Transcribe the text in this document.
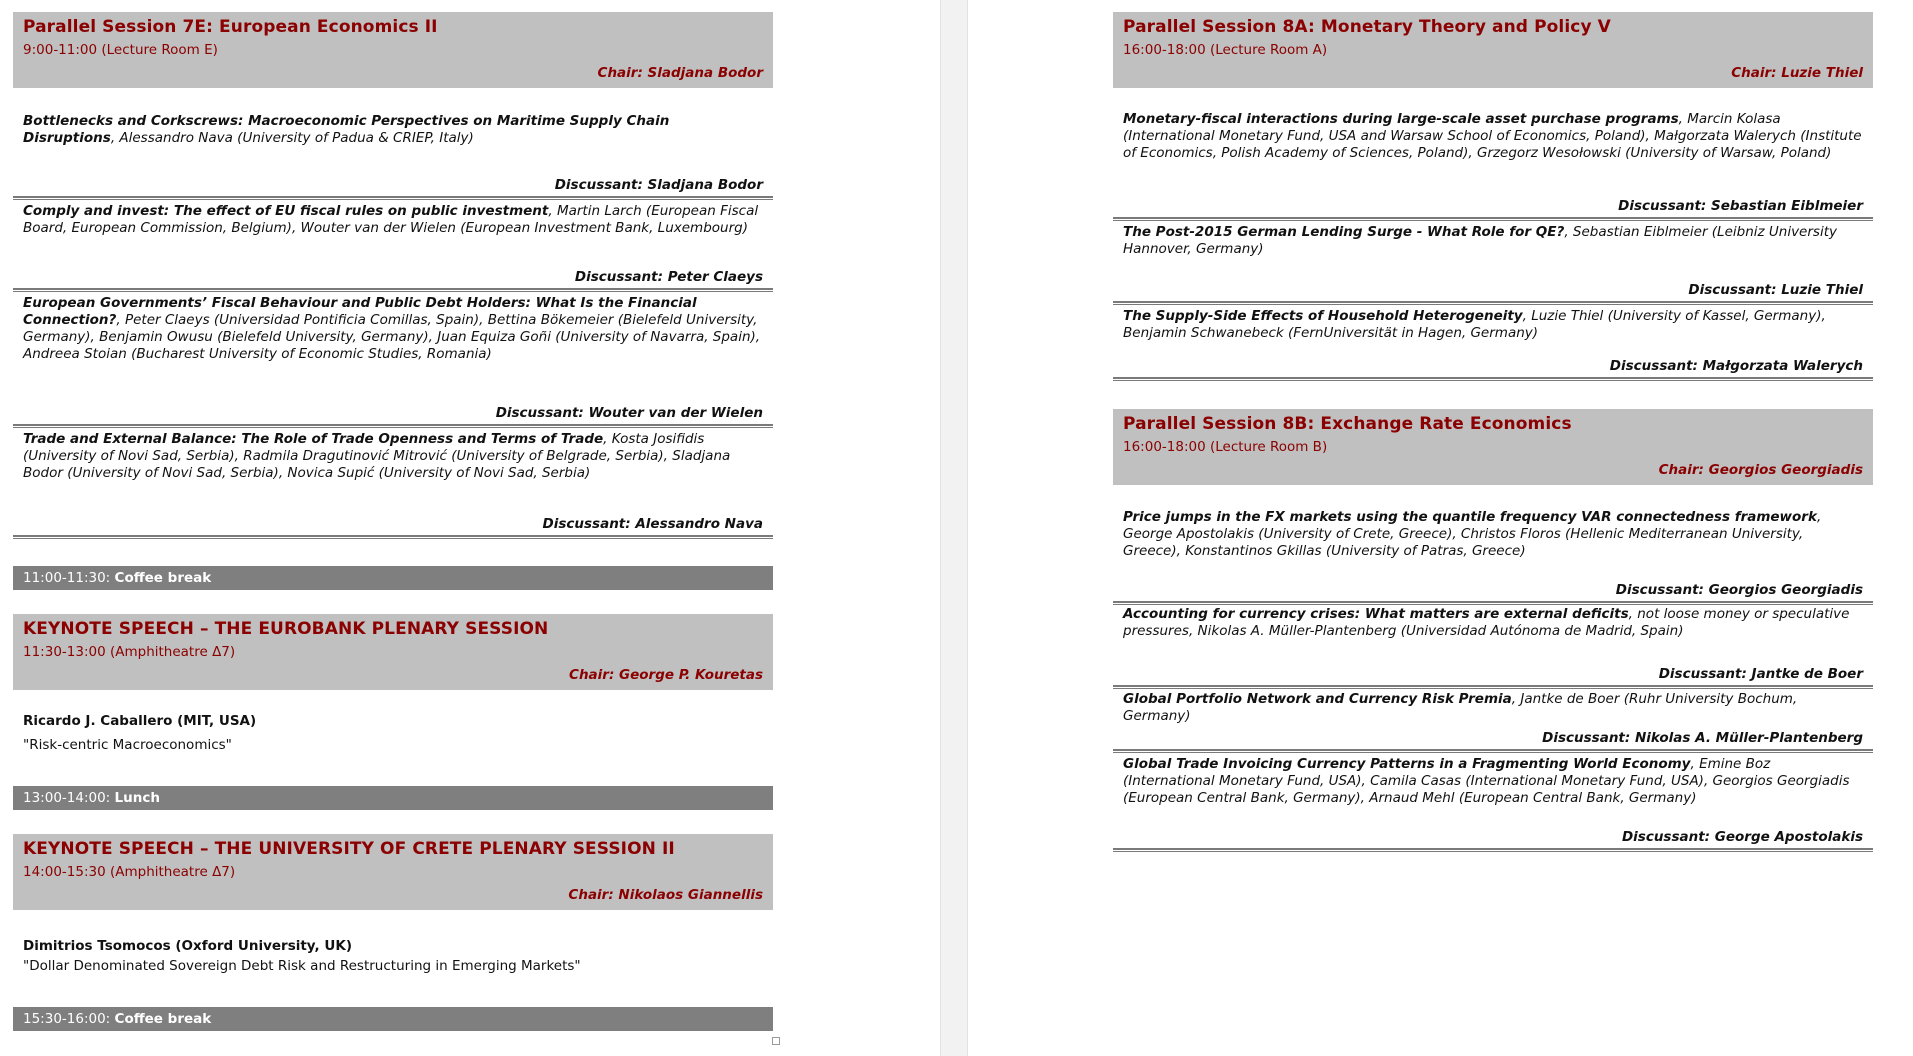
Parallel Session 7E: European Economics II
9:00-11:00 (Lecture Room E)
Chair: Sladjana Bodor
Bottlenecks and Corkscrews: Macroeconomic Perspectives on Maritime Supply Chain Disruptions, Alessandro Nava (University of Padua & CRIEP, Italy)
Discussant: Sladjana Bodor
Comply and invest: The effect of EU fiscal rules on public investment, Martin Larch (European Fiscal Board, European Commission, Belgium), Wouter van der Wielen (European Investment Bank, Luxembourg)
Discussant: Peter Claeys
European Governments’ Fiscal Behaviour and Public Debt Holders: What Is the Financial Connection?, Peter Claeys (Universidad Pontificia Comillas, Spain), Bettina Bökemeier (Bielefeld University, Germany), Benjamin Owusu (Bielefeld University, Germany), Juan Equiza Goñi (University of Navarra, Spain), Andreea Stoian (Bucharest University of Economic Studies, Romania)
Discussant: Wouter van der Wielen
Trade and External Balance: The Role of Trade Openness and Terms of Trade, Kosta Josifidis (University of Novi Sad, Serbia), Radmila Dragutinović Mitrović (University of Belgrade, Serbia), Sladjana Bodor (University of Novi Sad, Serbia), Novica Supić (University of Novi Sad, Serbia)
Discussant: Alessandro Nava
11:00-11:30: Coffee break
KEYNOTE SPEECH – THE EUROBANK PLENARY SESSION
11:30-13:00 (Amphitheatre Δ7)
Chair: George P. Kouretas
Ricardo J. Caballero (MIT, USA)
"Risk-centric Macroeconomics"
13:00-14:00: Lunch
KEYNOTE SPEECH – THE UNIVERSITY OF CRETE PLENARY SESSION II
14:00-15:30 (Amphitheatre Δ7)
Chair: Nikolaos Giannellis
Dimitrios Tsomocos (Oxford University, UK)
"Dollar Denominated Sovereign Debt Risk and Restructuring in Emerging Markets"
15:30-16:00: Coffee break
Parallel Session 8A: Monetary Theory and Policy V
16:00-18:00 (Lecture Room A)
Chair: Luzie Thiel
Monetary-fiscal interactions during large-scale asset purchase programs, Marcin Kolasa (International Monetary Fund, USA and Warsaw School of Economics, Poland), Małgorzata Walerych (Institute of Economics, Polish Academy of Sciences, Poland), Grzegorz Wesołowski (University of Warsaw, Poland)
Discussant: Sebastian Eiblmeier
The Post-2015 German Lending Surge - What Role for QE?, Sebastian Eiblmeier (Leibniz University Hannover, Germany)
Discussant: Luzie Thiel
The Supply-Side Effects of Household Heterogeneity, Luzie Thiel (University of Kassel, Germany), Benjamin Schwanebeck (FernUniversität in Hagen, Germany)
Discussant: Małgorzata Walerych
Parallel Session 8B: Exchange Rate Economics
16:00-18:00 (Lecture Room B)
Chair: Georgios Georgiadis
Price jumps in the FX markets using the quantile frequency VAR connectedness framework, George Apostolakis (University of Crete, Greece), Christos Floros (Hellenic Mediterranean University, Greece), Konstantinos Gkillas (University of Patras, Greece)
Discussant: Georgios Georgiadis
Accounting for currency crises: What matters are external deficits, not loose money or speculative pressures, Nikolas A. Müller-Plantenberg (Universidad Autónoma de Madrid, Spain)
Discussant: Jantke de Boer
Global Portfolio Network and Currency Risk Premia, Jantke de Boer (Ruhr University Bochum, Germany)
Discussant: Nikolas A. Müller-Plantenberg
Global Trade Invoicing Currency Patterns in a Fragmenting World Economy, Emine Boz (International Monetary Fund, USA), Camila Casas (International Monetary Fund, USA), Georgios Georgiadis (European Central Bank, Germany), Arnaud Mehl (European Central Bank, Germany)
Discussant: George Apostolakis
